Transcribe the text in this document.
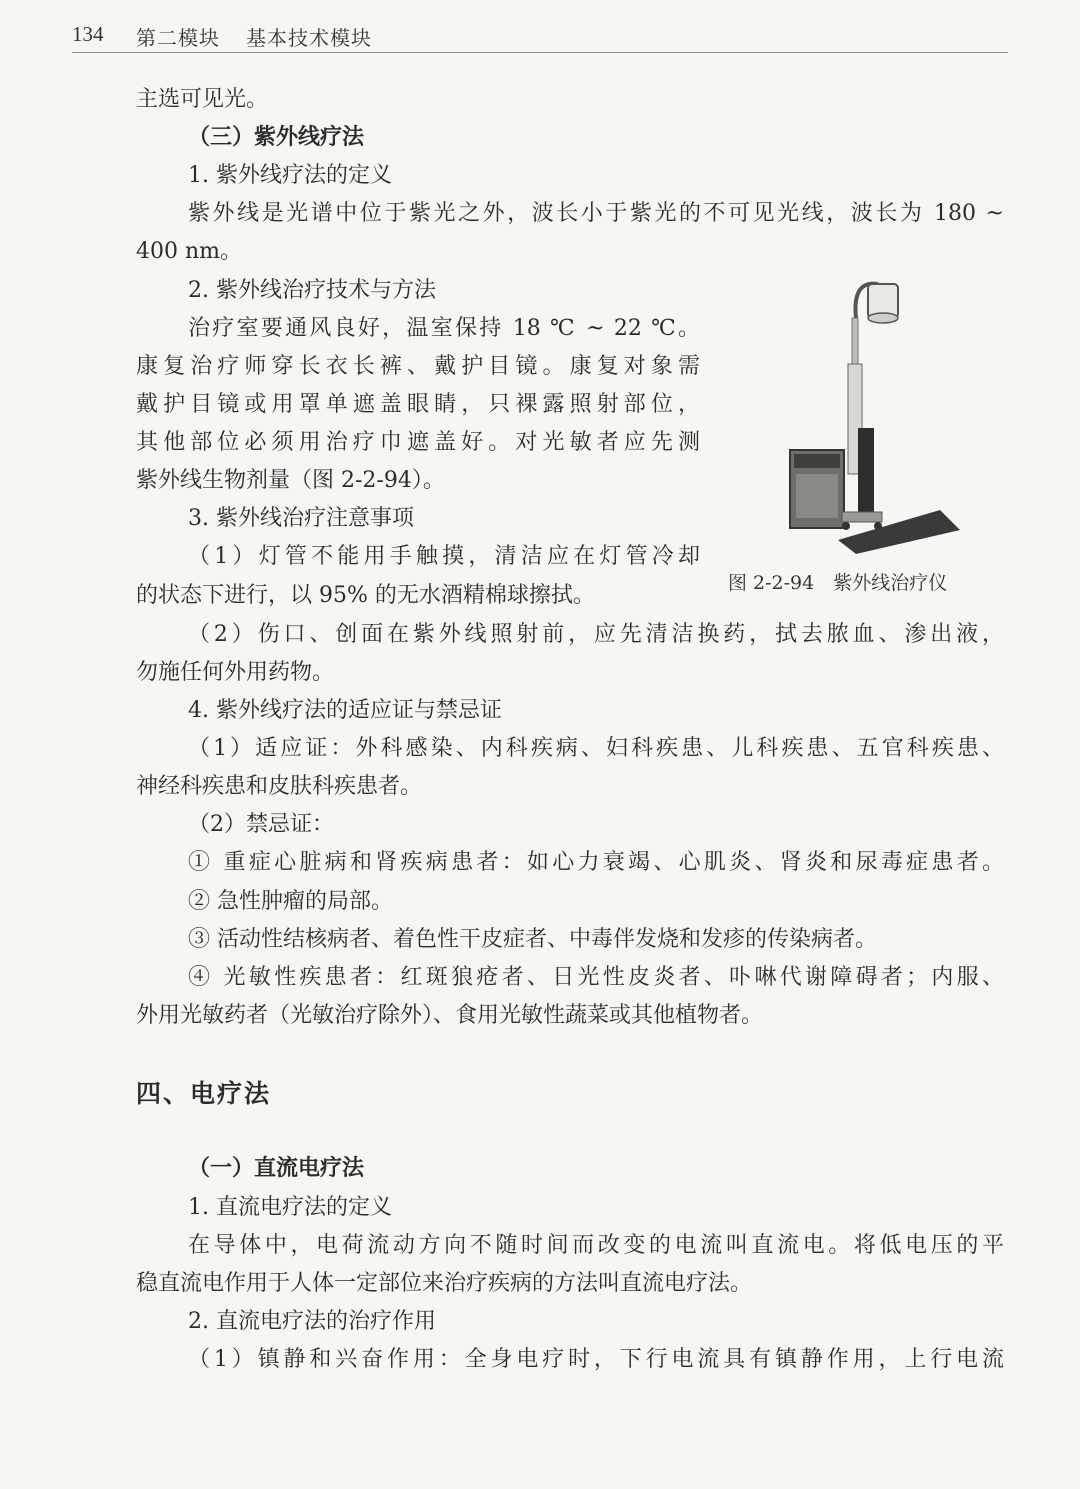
134 第二模块 基本技术模块
主选可见光。
（三）紫外线疗法
1. 紫外线疗法的定义
紫外线是光谱中位于紫光之外，波长小于紫光的不可见光线，波长为 180 ~
400 nm。
2. 紫外线治疗技术与方法
治疗室要通风良好，温室保持 18 ℃ ~ 22 ℃。
康复治疗师穿长衣长裤、戴护目镜。康复对象需
戴护目镜或用罩单遮盖眼睛，只裸露照射部位，
其他部位必须用治疗巾遮盖好。对光敏者应先测
紫外线生物剂量（图 2-2-94）。
3. 紫外线治疗注意事项
（1）灯管不能用手触摸，清洁应在灯管冷却
的状态下进行，以 95% 的无水酒精棉球擦拭。	图 2-2-94　紫外线治疗仪
（2）伤口、创面在紫外线照射前，应先清洁换药，拭去脓血、渗出液，
勿施任何外用药物。
4. 紫外线疗法的适应证与禁忌证
（1）适应证：外科感染、内科疾病、妇科疾患、儿科疾患、五官科疾患、
神经科疾患和皮肤科疾患者。
（2）禁忌证：
① 重症心脏病和肾疾病患者：如心力衰竭、心肌炎、肾炎和尿毒症患者。
② 急性肿瘤的局部。
③ 活动性结核病者、着色性干皮症者、中毒伴发烧和发疹的传染病者。
④ 光敏性疾患者：红斑狼疮者、日光性皮炎者、卟啉代谢障碍者；内服、
外用光敏药者（光敏治疗除外）、食用光敏性蔬菜或其他植物者。
四、电疗法
（一）直流电疗法
1. 直流电疗法的定义
在导体中，电荷流动方向不随时间而改变的电流叫直流电。将低电压的平
稳直流电作用于人体一定部位来治疗疾病的方法叫直流电疗法。
2. 直流电疗法的治疗作用
（1）镇静和兴奋作用：全身电疗时，下行电流具有镇静作用，上行电流
